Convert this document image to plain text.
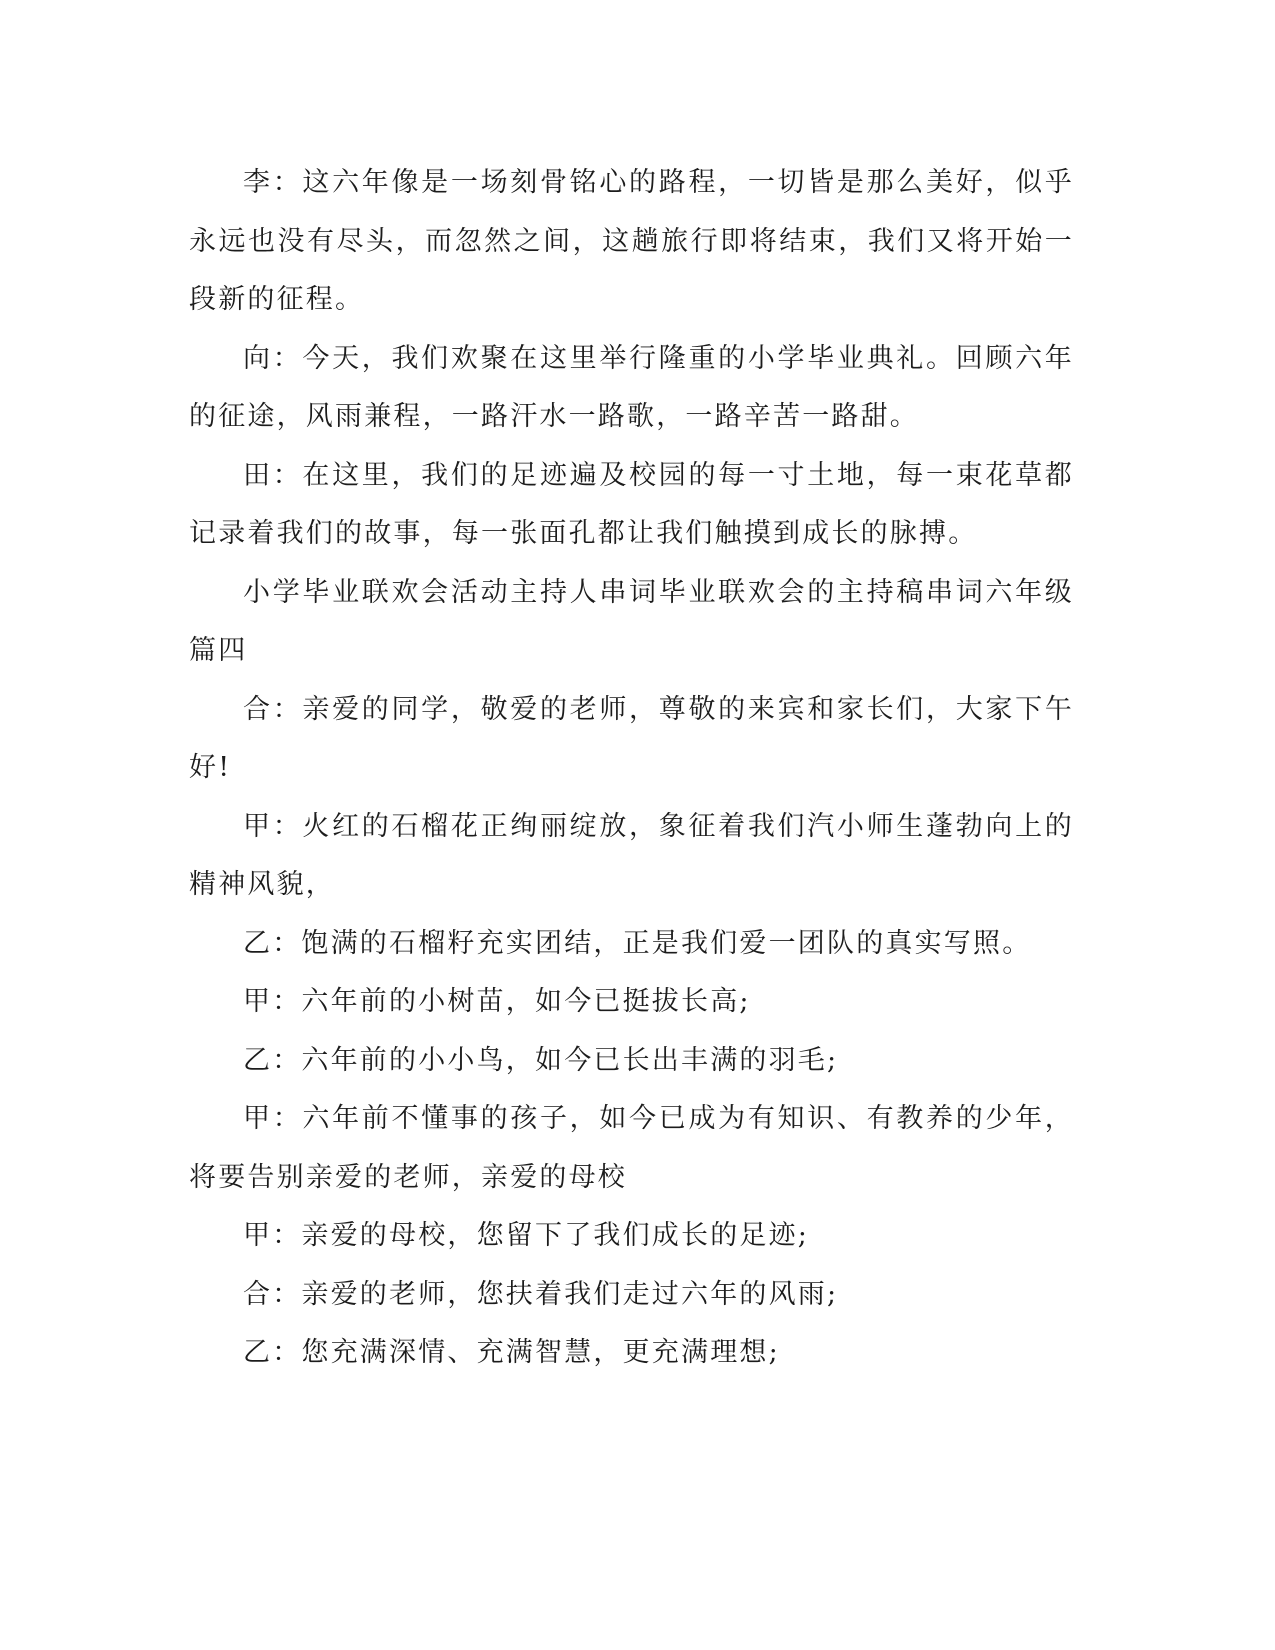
李：这六年像是一场刻骨铭心的路程，一切皆是那么美好，似乎永远也没有尽头，而忽然之间，这趟旅行即将结束，我们又将开始一段新的征程。

向：今天，我们欢聚在这里举行隆重的小学毕业典礼。回顾六年的征途，风雨兼程，一路汗水一路歌，一路辛苦一路甜。

田：在这里，我们的足迹遍及校园的每一寸土地，每一束花草都记录着我们的故事，每一张面孔都让我们触摸到成长的脉搏。

小学毕业联欢会活动主持人串词毕业联欢会的主持稿串词六年级篇四

合：亲爱的同学，敬爱的老师，尊敬的来宾和家长们，大家下午好!

甲：火红的石榴花正绚丽绽放，象征着我们汽小师生蓬勃向上的精神风貌，

乙：饱满的石榴籽充实团结，正是我们爱一团队的真实写照。

甲：六年前的小树苗，如今已挺拔长高;

乙：六年前的小小鸟，如今已长出丰满的羽毛;

甲：六年前不懂事的孩子，如今已成为有知识、有教养的少年，将要告别亲爱的老师，亲爱的母校

甲：亲爱的母校，您留下了我们成长的足迹;

合：亲爱的老师，您扶着我们走过六年的风雨;

乙：您充满深情、充满智慧，更充满理想;
